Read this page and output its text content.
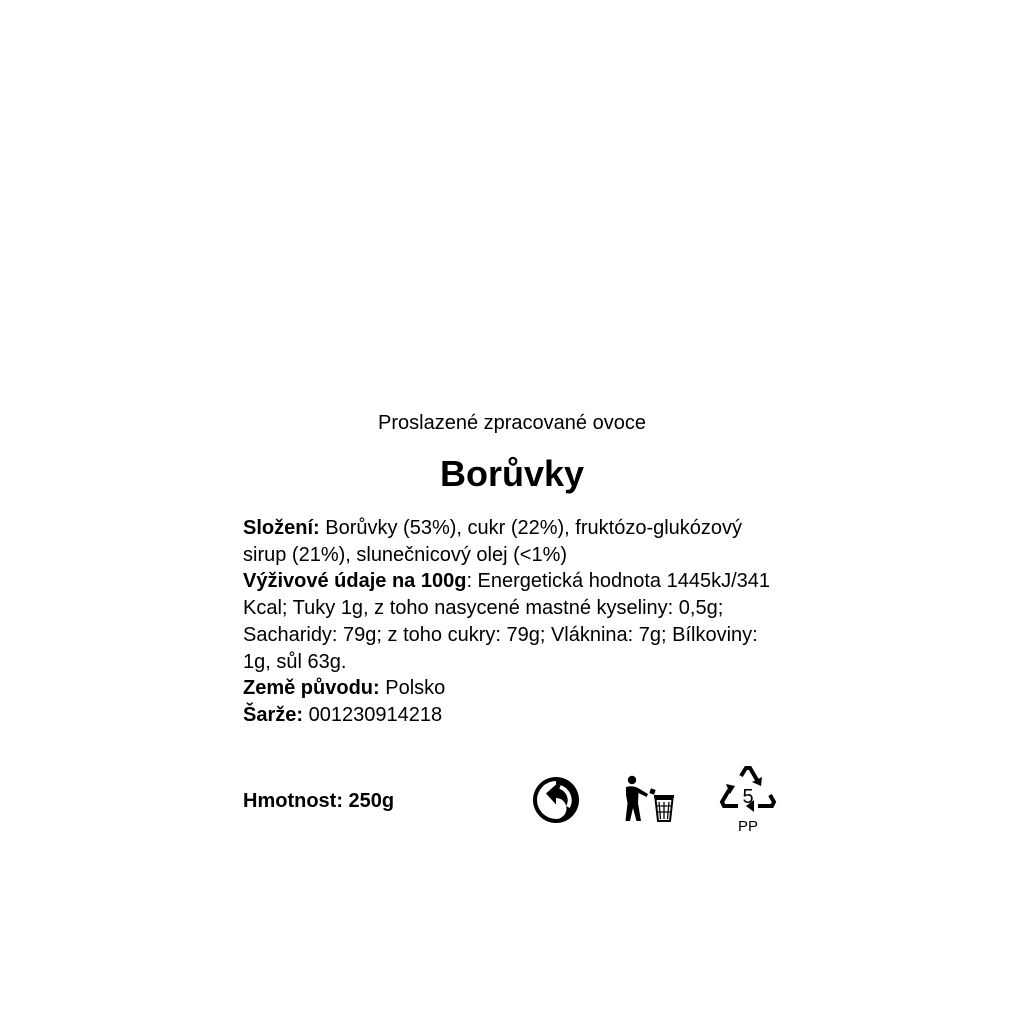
Proslazené zpracované ovoce
Borůvky

Složení: Borůvky (53%), cukr (22%), fruktózo-glukózový sirup (21%), slunečnicový olej (<1%)

Výživové údaje na 100g: Energetická hodnota 1445kJ/341 Kcal; Tuky 1g, z toho nasycené mastné kyseliny: 0,5g; Sacharidy: 79g; z toho cukry: 79g; Vláknina: 7g; Bílkoviny: 1g, sůl 63g.

Země původu: Polsko

Šarže: 001230914218

Hmotnost: 250g	5
PP
